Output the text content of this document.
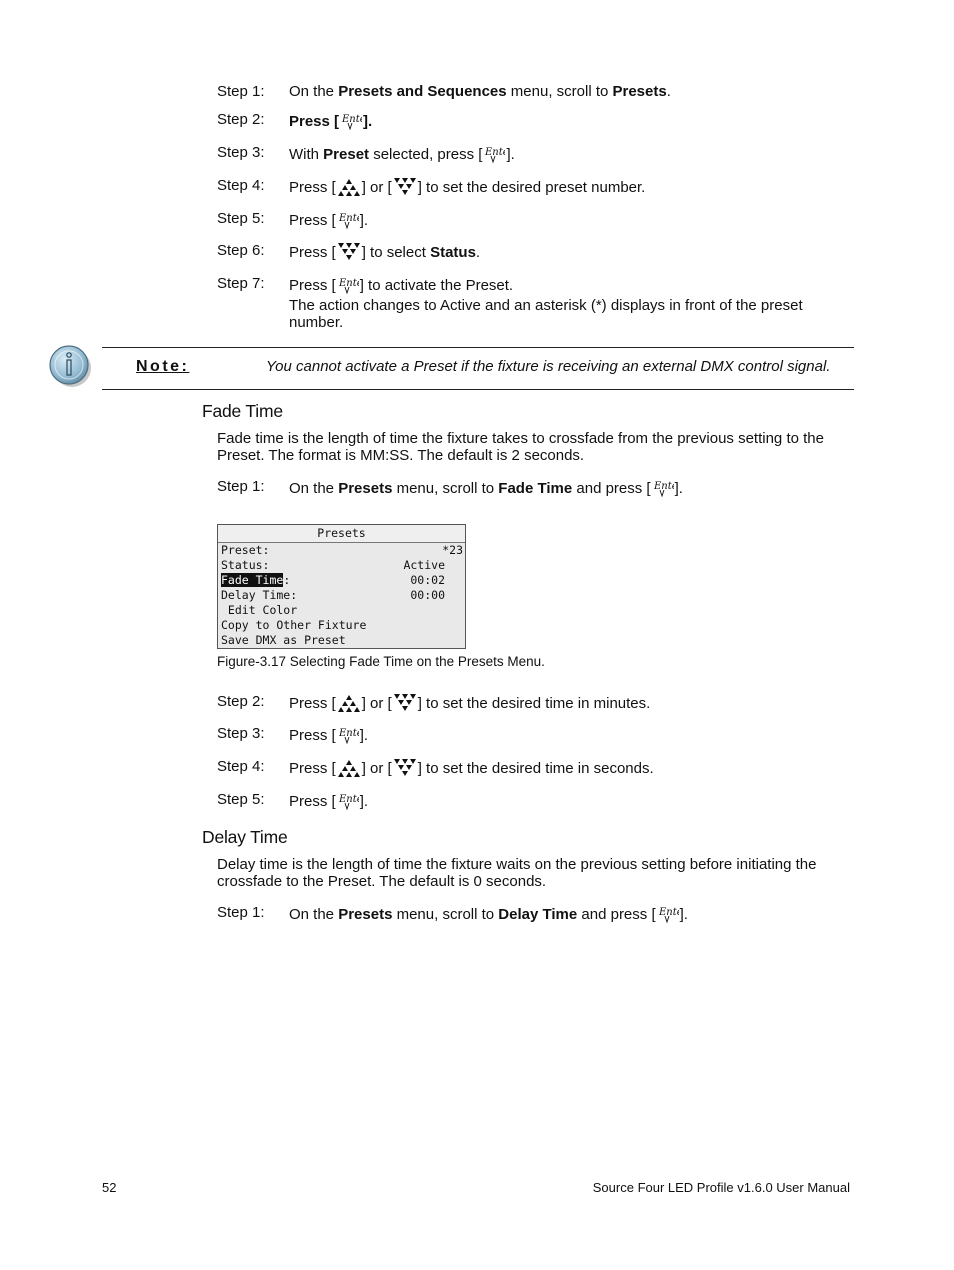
Step 1: On the Presets and Sequences menu, scroll to Presets.
Step 2: Press [ Ent ].
Step 3: With Preset selected, press [ Ent ].
Step 4: Press [ ] or [ ] to set the desired preset number.
Step 5: Press [ Ent ].
Step 6: Press [ ] to select Status.
Step 7: Press [ Ent ] to activate the Preset.
The action changes to Active and an asterisk (*) displays in front of the preset number.
Note:	You cannot activate a Preset if the fixture is receiving an external DMX control signal.
Fade Time
Fade time is the length of time the fixture takes to crossfade from the previous setting to the Preset. The format is MM:SS. The default is 2 seconds.
Step 1: On the Presets menu, scroll to Fade Time and press [ Ent ].
Presets
Preset:	*23
Status:	Active
Fade Time:	00:02
Delay Time:	00:00
Edit Color
Copy to Other Fixture
Save DMX as Preset
Figure-3.17 Selecting Fade Time on the Presets Menu.
Step 2: Press [ ] or [ ] to set the desired time in minutes.
Step 3: Press [ Ent ].
Step 4: Press [ ] or [ ] to set the desired time in seconds.
Step 5: Press [ Ent ].
Delay Time
Delay time is the length of time the fixture waits on the previous setting before initiating the crossfade to the Preset. The default is 0 seconds.
Step 1: On the Presets menu, scroll to Delay Time and press [ Ent ].
52	Source Four LED Profile v1.6.0 User Manual
